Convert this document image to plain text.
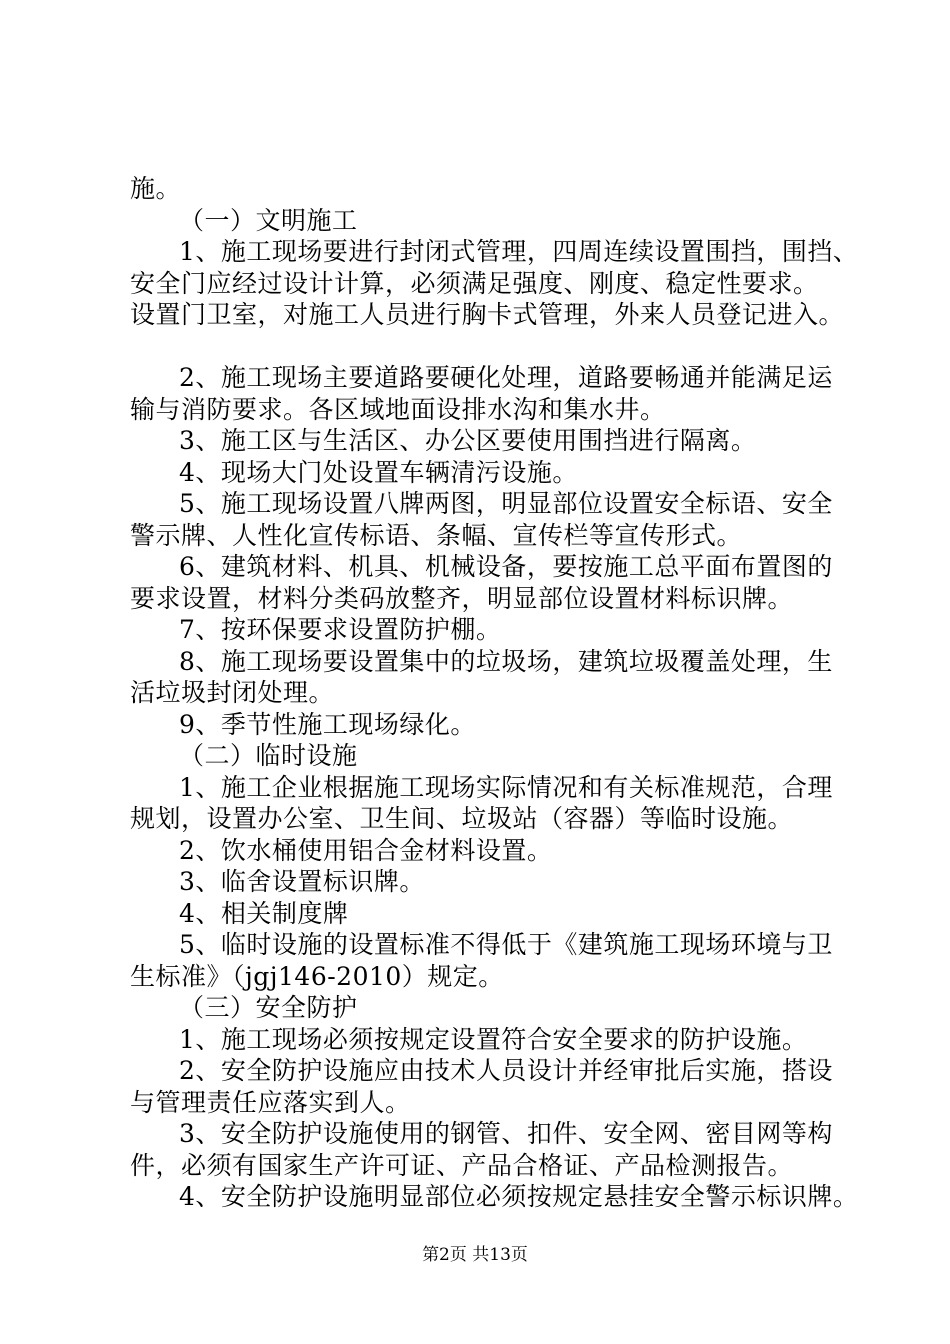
施。
（一）文明施工
1、施工现场要进行封闭式管理，四周连续设置围挡，围挡、
安全门应经过设计计算，必须满足强度、刚度、稳定性要求。
设置门卫室，对施工人员进行胸卡式管理，外来人员登记进入。
2、施工现场主要道路要硬化处理，道路要畅通并能满足运
输与消防要求。各区域地面设排水沟和集水井。
3、施工区与生活区、办公区要使用围挡进行隔离。
4、现场大门处设置车辆清污设施。
5、施工现场设置八牌两图，明显部位设置安全标语、安全
警示牌、人性化宣传标语、条幅、宣传栏等宣传形式。
6、建筑材料、机具、机械设备，要按施工总平面布置图的
要求设置，材料分类码放整齐，明显部位设置材料标识牌。
7、按环保要求设置防护棚。
8、施工现场要设置集中的垃圾场，建筑垃圾覆盖处理，生
活垃圾封闭处理。
9、季节性施工现场绿化。
（二）临时设施
1、施工企业根据施工现场实际情况和有关标准规范，合理
规划，设置办公室、卫生间、垃圾站（容器）等临时设施。
2、饮水桶使用铝合金材料设置。
3、临舍设置标识牌。
4、相关制度牌
5、临时设施的设置标准不得低于《建筑施工现场环境与卫
生标准》（jgj146-2010）规定。
（三）安全防护
1、施工现场必须按规定设置符合安全要求的防护设施。
2、安全防护设施应由技术人员设计并经审批后实施，搭设
与管理责任应落实到人。
3、安全防护设施使用的钢管、扣件、安全网、密目网等构
件，必须有国家生产许可证、产品合格证、产品检测报告。
4、安全防护设施明显部位必须按规定悬挂安全警示标识牌。
第2页 共13页
